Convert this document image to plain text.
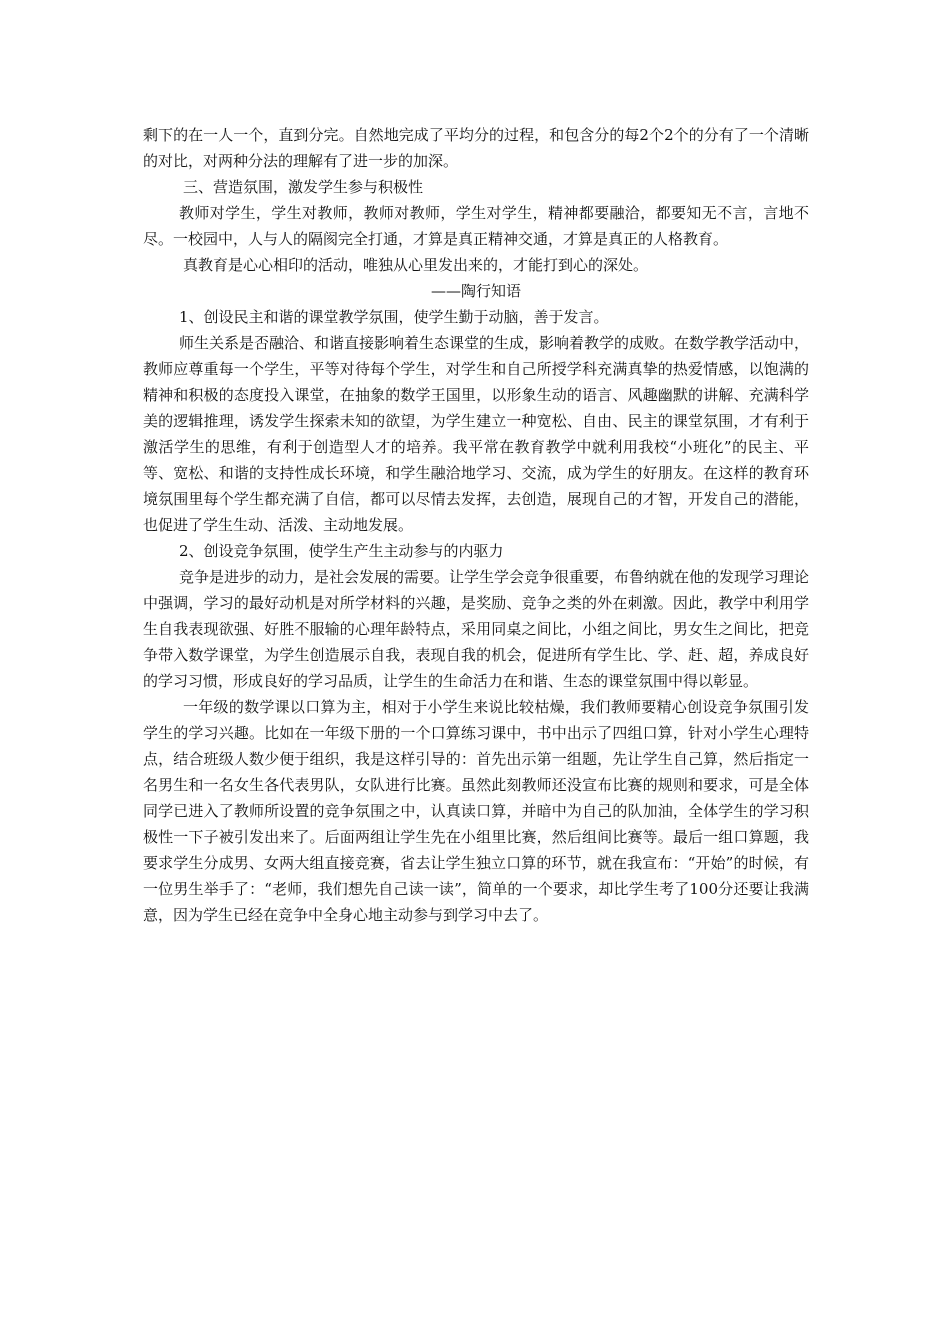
剩下的在一人一个，直到分完。自然地完成了平均分的过程，和包含分的每2个2个的分有了一个清晰的对比，对两种分法的理解有了进一步的加深。

三、营造氛围，激发学生参与积极性

教师对学生，学生对教师，教师对教师，学生对学生，精神都要融洽，都要知无不言，言地不尽。一校园中，人与人的隔阂完全打通，才算是真正精神交通，才算是真正的人格教育。

真教育是心心相印的活动，唯独从心里发出来的，才能打到心的深处。

——陶行知语

1、创设民主和谐的课堂教学氛围，使学生勤于动脑，善于发言。

师生关系是否融洽、和谐直接影响着生态课堂的生成，影响着教学的成败。在数学教学活动中，教师应尊重每一个学生，平等对待每个学生，对学生和自己所授学科充满真挚的热爱情感，以饱满的精神和积极的态度投入课堂，在抽象的数学王国里，以形象生动的语言、风趣幽默的讲解、充满科学美的逻辑推理，诱发学生探索未知的欲望，为学生建立一种宽松、自由、民主的课堂氛围，才有利于激活学生的思维，有利于创造型人才的培养。我平常在教育教学中就利用我校“小班化”的民主、平等、宽松、和谐的支持性成长环境，和学生融洽地学习、交流，成为学生的好朋友。在这样的教育环境氛围里每个学生都充满了自信，都可以尽情去发挥，去创造，展现自己的才智，开发自己的潜能，也促进了学生生动、活泼、主动地发展。

2、创设竞争氛围，使学生产生主动参与的内驱力

竞争是进步的动力，是社会发展的需要。让学生学会竞争很重要，布鲁纳就在他的发现学习理论中强调，学习的最好动机是对所学材料的兴趣，是奖励、竞争之类的外在刺激。因此，教学中利用学生自我表现欲强、好胜不服输的心理年龄特点，采用同桌之间比，小组之间比，男女生之间比，把竞争带入数学课堂，为学生创造展示自我，表现自我的机会，促进所有学生比、学、赶、超，养成良好的学习习惯，形成良好的学习品质，让学生的生命活力在和谐、生态的课堂氛围中得以彰显。

一年级的数学课以口算为主，相对于小学生来说比较枯燥，我们教师要精心创设竞争氛围引发学生的学习兴趣。比如在一年级下册的一个口算练习课中，书中出示了四组口算，针对小学生心理特点，结合班级人数少便于组织，我是这样引导的：首先出示第一组题，先让学生自己算，然后指定一名男生和一名女生各代表男队，女队进行比赛。虽然此刻教师还没宣布比赛的规则和要求，可是全体同学已进入了教师所设置的竞争氛围之中，认真读口算，并暗中为自己的队加油，全体学生的学习积极性一下子被引发出来了。后面两组让学生先在小组里比赛，然后组间比赛等。最后一组口算题，我要求学生分成男、女两大组直接竞赛，省去让学生独立口算的环节，就在我宣布：“开始”的时候，有一位男生举手了：“老师，我们想先自己读一读”，简单的一个要求，却比学生考了100分还要让我满意，因为学生已经在竞争中全身心地主动参与到学习中去了。
